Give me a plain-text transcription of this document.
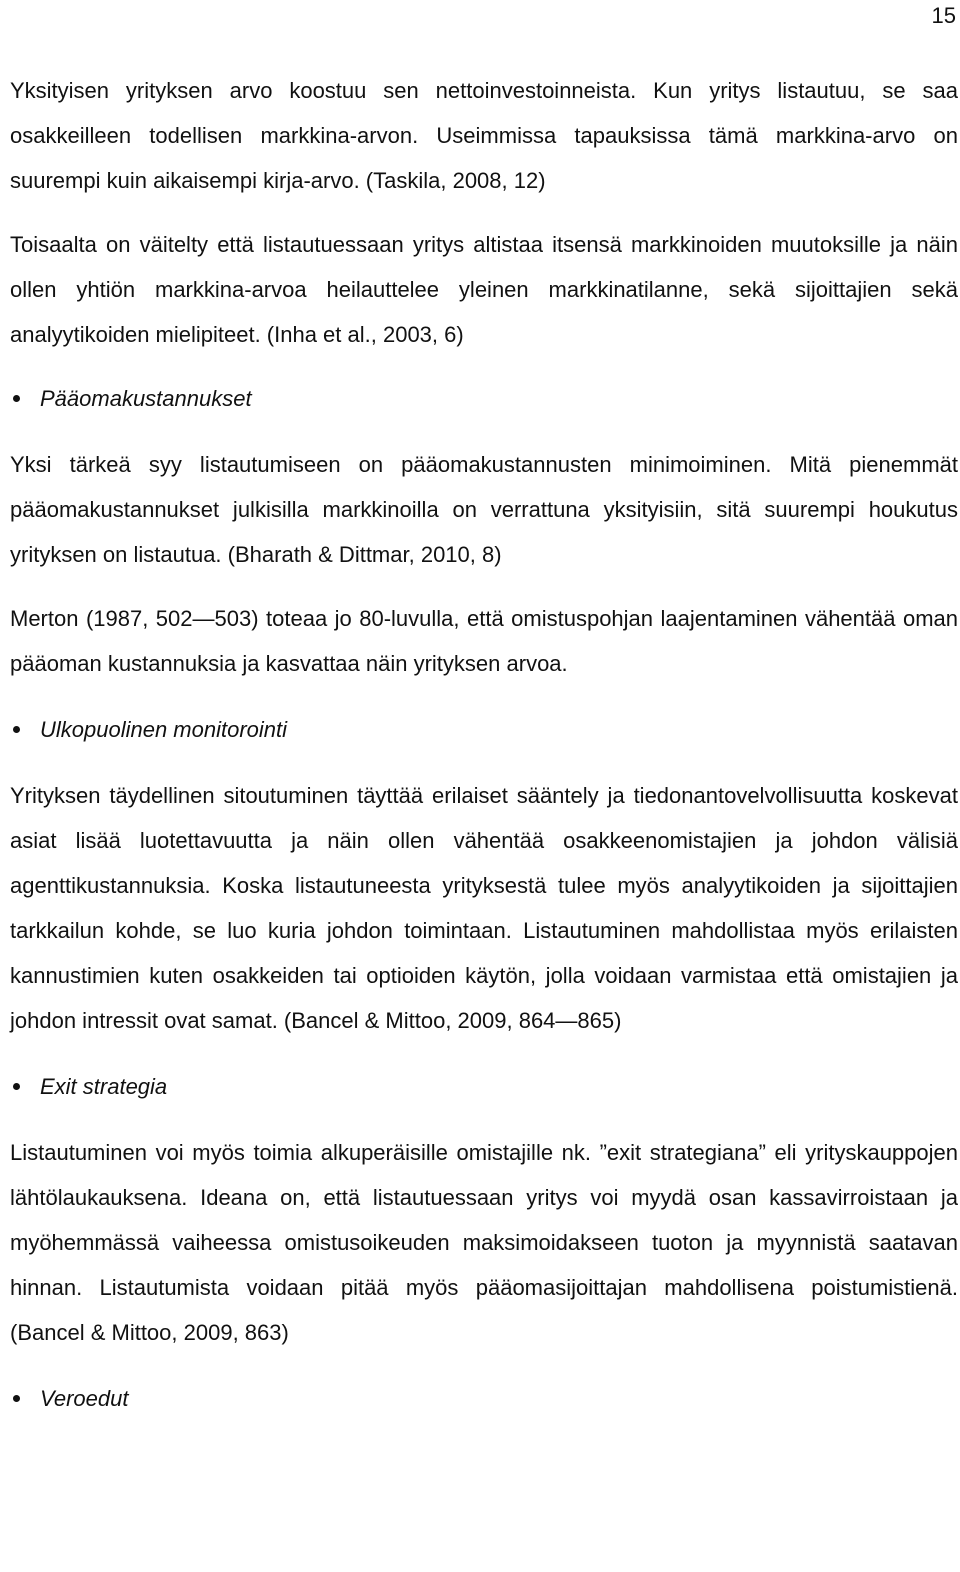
15

Yksityisen yrityksen arvo koostuu sen nettoinvestoinneista. Kun yritys listautuu, se saa osakkeilleen todellisen markkina-arvon. Useimmissa tapauksissa tämä markkina-arvo on suurempi kuin aikaisempi kirja-arvo. (Taskila, 2008, 12)

Toisaalta on väitelty että listautuessaan yritys altistaa itsensä markkinoiden muutoksille ja näin ollen yhtiön markkina-arvoa heilauttelee yleinen markkinatilanne, sekä sijoittajien sekä analyytikoiden mielipiteet. (Inha et al., 2003, 6)

Pääomakustannukset

Yksi tärkeä syy listautumiseen on pääomakustannusten minimoiminen. Mitä pienemmät pääomakustannukset julkisilla markkinoilla on verrattuna yksityisiin, sitä suurempi houkutus yrityksen on listautua. (Bharath & Dittmar, 2010, 8)

Merton (1987, 502—503) toteaa jo 80-luvulla, että omistuspohjan laajentaminen vähentää oman pääoman kustannuksia ja kasvattaa näin yrityksen arvoa.

Ulkopuolinen monitorointi

Yrityksen täydellinen sitoutuminen täyttää erilaiset sääntely ja tiedonantovelvollisuutta koskevat asiat lisää luotettavuutta ja näin ollen vähentää osakkeenomistajien ja johdon välisiä agenttikustannuksia. Koska listautuneesta yrityksestä tulee myös analyytikoiden ja sijoittajien tarkkailun kohde, se luo kuria johdon toimintaan. Listautuminen mahdollistaa myös erilaisten kannustimien kuten osakkeiden tai optioiden käytön, jolla voidaan varmistaa että omistajien ja johdon intressit ovat samat. (Bancel & Mittoo, 2009, 864—865)

Exit strategia

Listautuminen voi myös toimia alkuperäisille omistajille nk. ”exit strategiana” eli yrityskauppojen lähtölaukauksena. Ideana on, että listautuessaan yritys voi myydä osan kassavirroistaan ja myöhemmässä vaiheessa omistusoikeuden maksimoidakseen tuoton ja myynnistä saatavan hinnan. Listautumista voidaan pitää myös pääomasijoittajan mahdollisena poistumistienä. (Bancel & Mittoo, 2009, 863)

Veroedut
